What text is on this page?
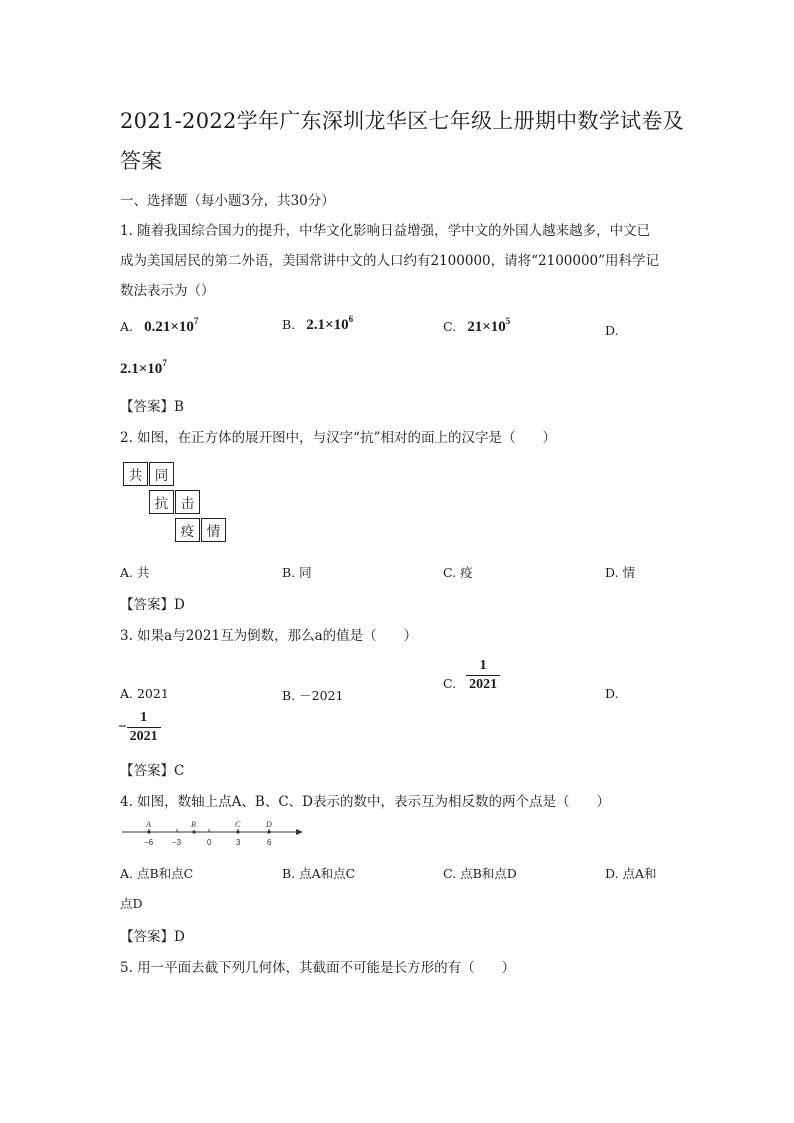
2021-2022学年广东深圳龙华区七年级上册期中数学试卷及
答案
一、选择题（每小题3分，共30分）
1. 随着我国综合国力的提升，中华文化影响日益增强，学中文的外国人越来越多，中文已
成为美国居民的第二外语，美国常讲中文的人口约有2100000，请将“2100000”用科学记
数法表示为（）
A. $0.21\times 10^7$	B. $2.1\times 10^6$	C. $21\times 10^5$
D.
$2.1\times 10^7$
【答案】B
2. 如图，在正方体的展开图中，与汉字“抗”相对的面上的汉字是（　　）
共 同
抗 击
疫 情
A. 共	B. 同	C. 疫	D. 情
【答案】D
3. 如果a与2021互为倒数，那么a的值是（　　）
A. 2021	B. －2021
C. $\frac{1}{2021}$
D.
− $\frac{1}{2021}$
【答案】C
4. 如图，数轴上点A、B、C、D表示的数中，表示互为相反数的两个点是（　　）
A	B	C	D
−6 −3	0	3	6
A. 点B和点C	B. 点A和点C	C. 点B和点D	D. 点A和
点D
【答案】D
5. 用一平面去截下列几何体，其截面不可能是长方形的有（　　）
